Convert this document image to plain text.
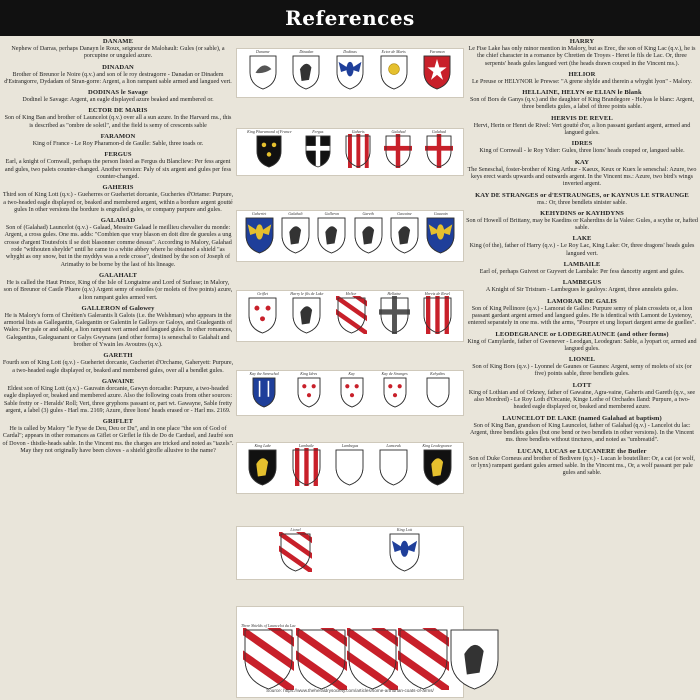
References
DANAME
Nephew of Darras, perhaps Danayn le Roux, seigneur de Malohault: Gules (or sable), a porcupine or unguled azure.
DINADAN
Brother of Breunor le Noire (q.v.) and son of le roy destragorre - Danadan or Dinadem d'Estrangorre, Dydadam of Stran-gorre: Argent, a lion rampant sable armed and langued vert.
DODINAS le Savage
Dodinel le Savage: Argent, an eagle displayed azure beaked and membered or.
ECTOR DE MARIS
Son of King Ban and brother of Launcelot (q.v.) over all a sun azure. In the Harvard ms., this is described as "ombre de soleil", and the field is semy of crescents sable
FARAMON
King of France - Le Roy Pharamon-d de Gaulle: Sable, three toads or.
FERGUS
Earl, a knight of Cornwall, perhaps the person listed as Fergus du Blancliew: Per fess argent and gules, two palets counter-changed. Another version: Paly of six argent and gules per fess counter-changed.
GAHERIS
Third son of King Lott (q.v.) - Gueherres or Gueheriet dorcanie, Gucheries d'Ortame: Purpure, a two-headed eagle displayed or, beaked and membered argent, within a bordure argent goutté gules In other versions the bordure is engrailed gules, or company purpure and gules.
GALAHAD
Son of (Galahad) Launcelot (q.v.) - Galaad, Messire Galaad le meillieu chevalier du monde: Argent, a cross gules. One ms. adds: "Combien que vray blason en doit dire de gueules a ung crosse d'argent Toutesfoix il se doit blasonner comme dessus". According to Malory, Galahad rode "withouten sheylde" until he came to a white abbey where he obtained a shield "as whyght as ony snow, but in the myddys was a rede crosse", destined by the son of Joseph of Arimathy to be borne by the last of his lineage.
GALAHALT
He is called the Haut Prince, King of the Isle of Longtaime and Lord of Surluse; in Malory, son of Breunor of Castle Pluere (q.v.) Argent semy of estoiles (or molets of five points) azure, a lion rampant gules armed vert.
GALLERON of Galowey
He is Malory's form of Chrétien's Galerantis li Galois (i.e. the Welshman) who appears in the armorial lists as Gallegantin, Galegantin or Galentin le Galloys or Galoys, and Gualegantis of Wales: Per pale or and sable, a lion rampant vert armed and langued gules. In other romances, Galegantius, Galeguanant or Galys Gwynans (and other forms) is seneschal to Galahalt and brother of Ywain les Avoutres (q.v.).
GARETH
Fourth son of King Lott (q.v.) - Gueheriet dorcanie, Gucheriet d'Orchame, Gaheryett: Purpure, a two-headed eagle displayed or, beaked and membered gules, over all a bendlet gules.
GAWAINE
Eldest son of King Lott (q.v.) - Gauvain dorcanie, Gawyn dorcadie: Purpure, a two-headed eagle displayed or, beaked and membered azure. Also the following coats from other sources: Sable fretty or - Heralds' Roll; Vert, three gryphons passant or, part wt. Gawayne, Sable fretty argent, a label (3) gules - Harl ms. 2169; Azure, three lions' heads erased or - Harl ms. 2169.
GRIFLET
He is called by Malory "le Fyse de Deu, Deu or Du", and in one place "the son of God of Cardal"; appears in other romances as Giflet or Girflet le fils de Do de Carduel, and Jaufré son of Dovon - thistle-heads sable. In the Vincent ms. the charges are tricked and noted as "tazels". May they not originally have been cloves - a shield girofle allusive to the name?
HARRY
Le Fise Lake has only minor mention in Malory, but as Erec, the son of King Lac (q.v.), he is the chief character in a romance by Chretien de Troyes - Heret le fils de Lac. Or, three serpents' heads gules langued vert (the heads drawn couped in the Vincent ms.).
HELIOR
Le Preuse or HELYNOR le Prewse: "A grene shylde and therein a whyght lyon" - Malory.
HELLAINE, HELYN or ELIAN le Blank
Son of Bors de Ganys (q.v.) and the daughter of King Brandegore - Helyas le blanc: Argent, three bendlets gules, a label of three points sable.
HERVIS DE REVEL
Hervi, Herin or Henri de Rivel: Vert goutté d'or, a lion passant gardant argent, armed and langued gules.
IDRES
King of Cornwall - le Roy Ydier: Gules, three lions' heads couped or, langued sable.
KAY
The Seneschal, foster-brother of King Arthur - Kaeux, Keux or Kuex le seneschal: Azure, two keys erect wards upwards and outwards argent. In the Vincent ms.: Azure, two bird's wings inverted argent.
KAY DE STRANGES or d'ESTRAUNGES, or KAYNUS LE STRAUNGE
ms.: Or, three bendlets sinister sable.
KEHYDINS or KAYHDYNS
Son of Howell of Brittany, may be Kaedins or Kaherdins de la Valee: Gules, a scythe or, hafted sable.
LAKE
King (of the), father of Harry (q.v.) - Le Roy Lac, King Lake: Or, three dragons' heads gules langued vert.
LAMBAILE
Earl of, perhaps Guivret or Guyvert de Lambale: Per fess dancetty argent and gules.
LAMBEGUS
A Knight of Sir Tristram - Lambegues le gauloys: Argent, three annulets gules.
LAMORAK DE GALIS
Son of King Pellinore (q.v.) - Lamorat de Galles: Purpure semy of plain crosslets or, a lion passant gardant argent armed and langued gules. He is identical with Lamont de Lystenoy, entered separately in one ms. with the arms, "Pourpre et ung liopart dargent arme de guelles".
LEODEGRANCE or LODEGREAUNCE (and other forms)
King of Camylarde, father of Gwenever - Leodgan, Leodegran: Sable, a lyopart or, armed and langued gules.
LIONEL
Son of King Bors (q.v.) - Lyonnel de Gaunes or Gaunes: Argent, semy of molets of six (or five) points sable, three bendlets gules.
LOTT
King of Lothian and of Orkney, father of Gawaine, Agra-vaine, Gaheris and Gareth (q.v., see also Mordred) - Le Roy Loth d'Orcanie, Kinge Lothe of Orchades Iland: Purpure, a two-headed eagle displayed or, beaked and membered azure.
LAUNCELOT DE LAKE (named Galahad at baptism)
Son of King Ban, grandson of King Launcelot, father of Galahad (q.v.) - Lancelot du lac: Argent, three bendlets gules (but one bend or two bendlets in other versions). In the Vincent ms. three bendlets without tinctures, and noted as "umbreatid".
LUCAN, LUCAS or LUCANERE the Butler
Son of Duke Corneus and brother of Bedivere (q.v.) - Lucan le bouteillier: Or, a cat (or wolf, or lynx) rampant gardant gules armed sable. In the Vincent ms., Or, a wolf passant per pale gules and sable.
Daname	Dinadan	Dodinas	Ector de Maris	Faramon
King Pharamond of France	Fergus	Gaheris	Galahad	Galahad
Gaheriet	Galahalt	Galleron	Gareth	Gawaine	Gauvain
Griflet	Harry le fils de Lake	Helior	Hellaine	Hervis de Revel
Kay the Seneschal	King Idres	Kay	Kay de Stranges	Kehydins
King Lake	Lambaile	Lambegus	Lamorak	King Leodegrance
Lionel	King Lott
Three Shields of Launcelot du Lac

Source: https://www.theheraldrysociety.com/articles/some-arthurian-coats-of-arms/
